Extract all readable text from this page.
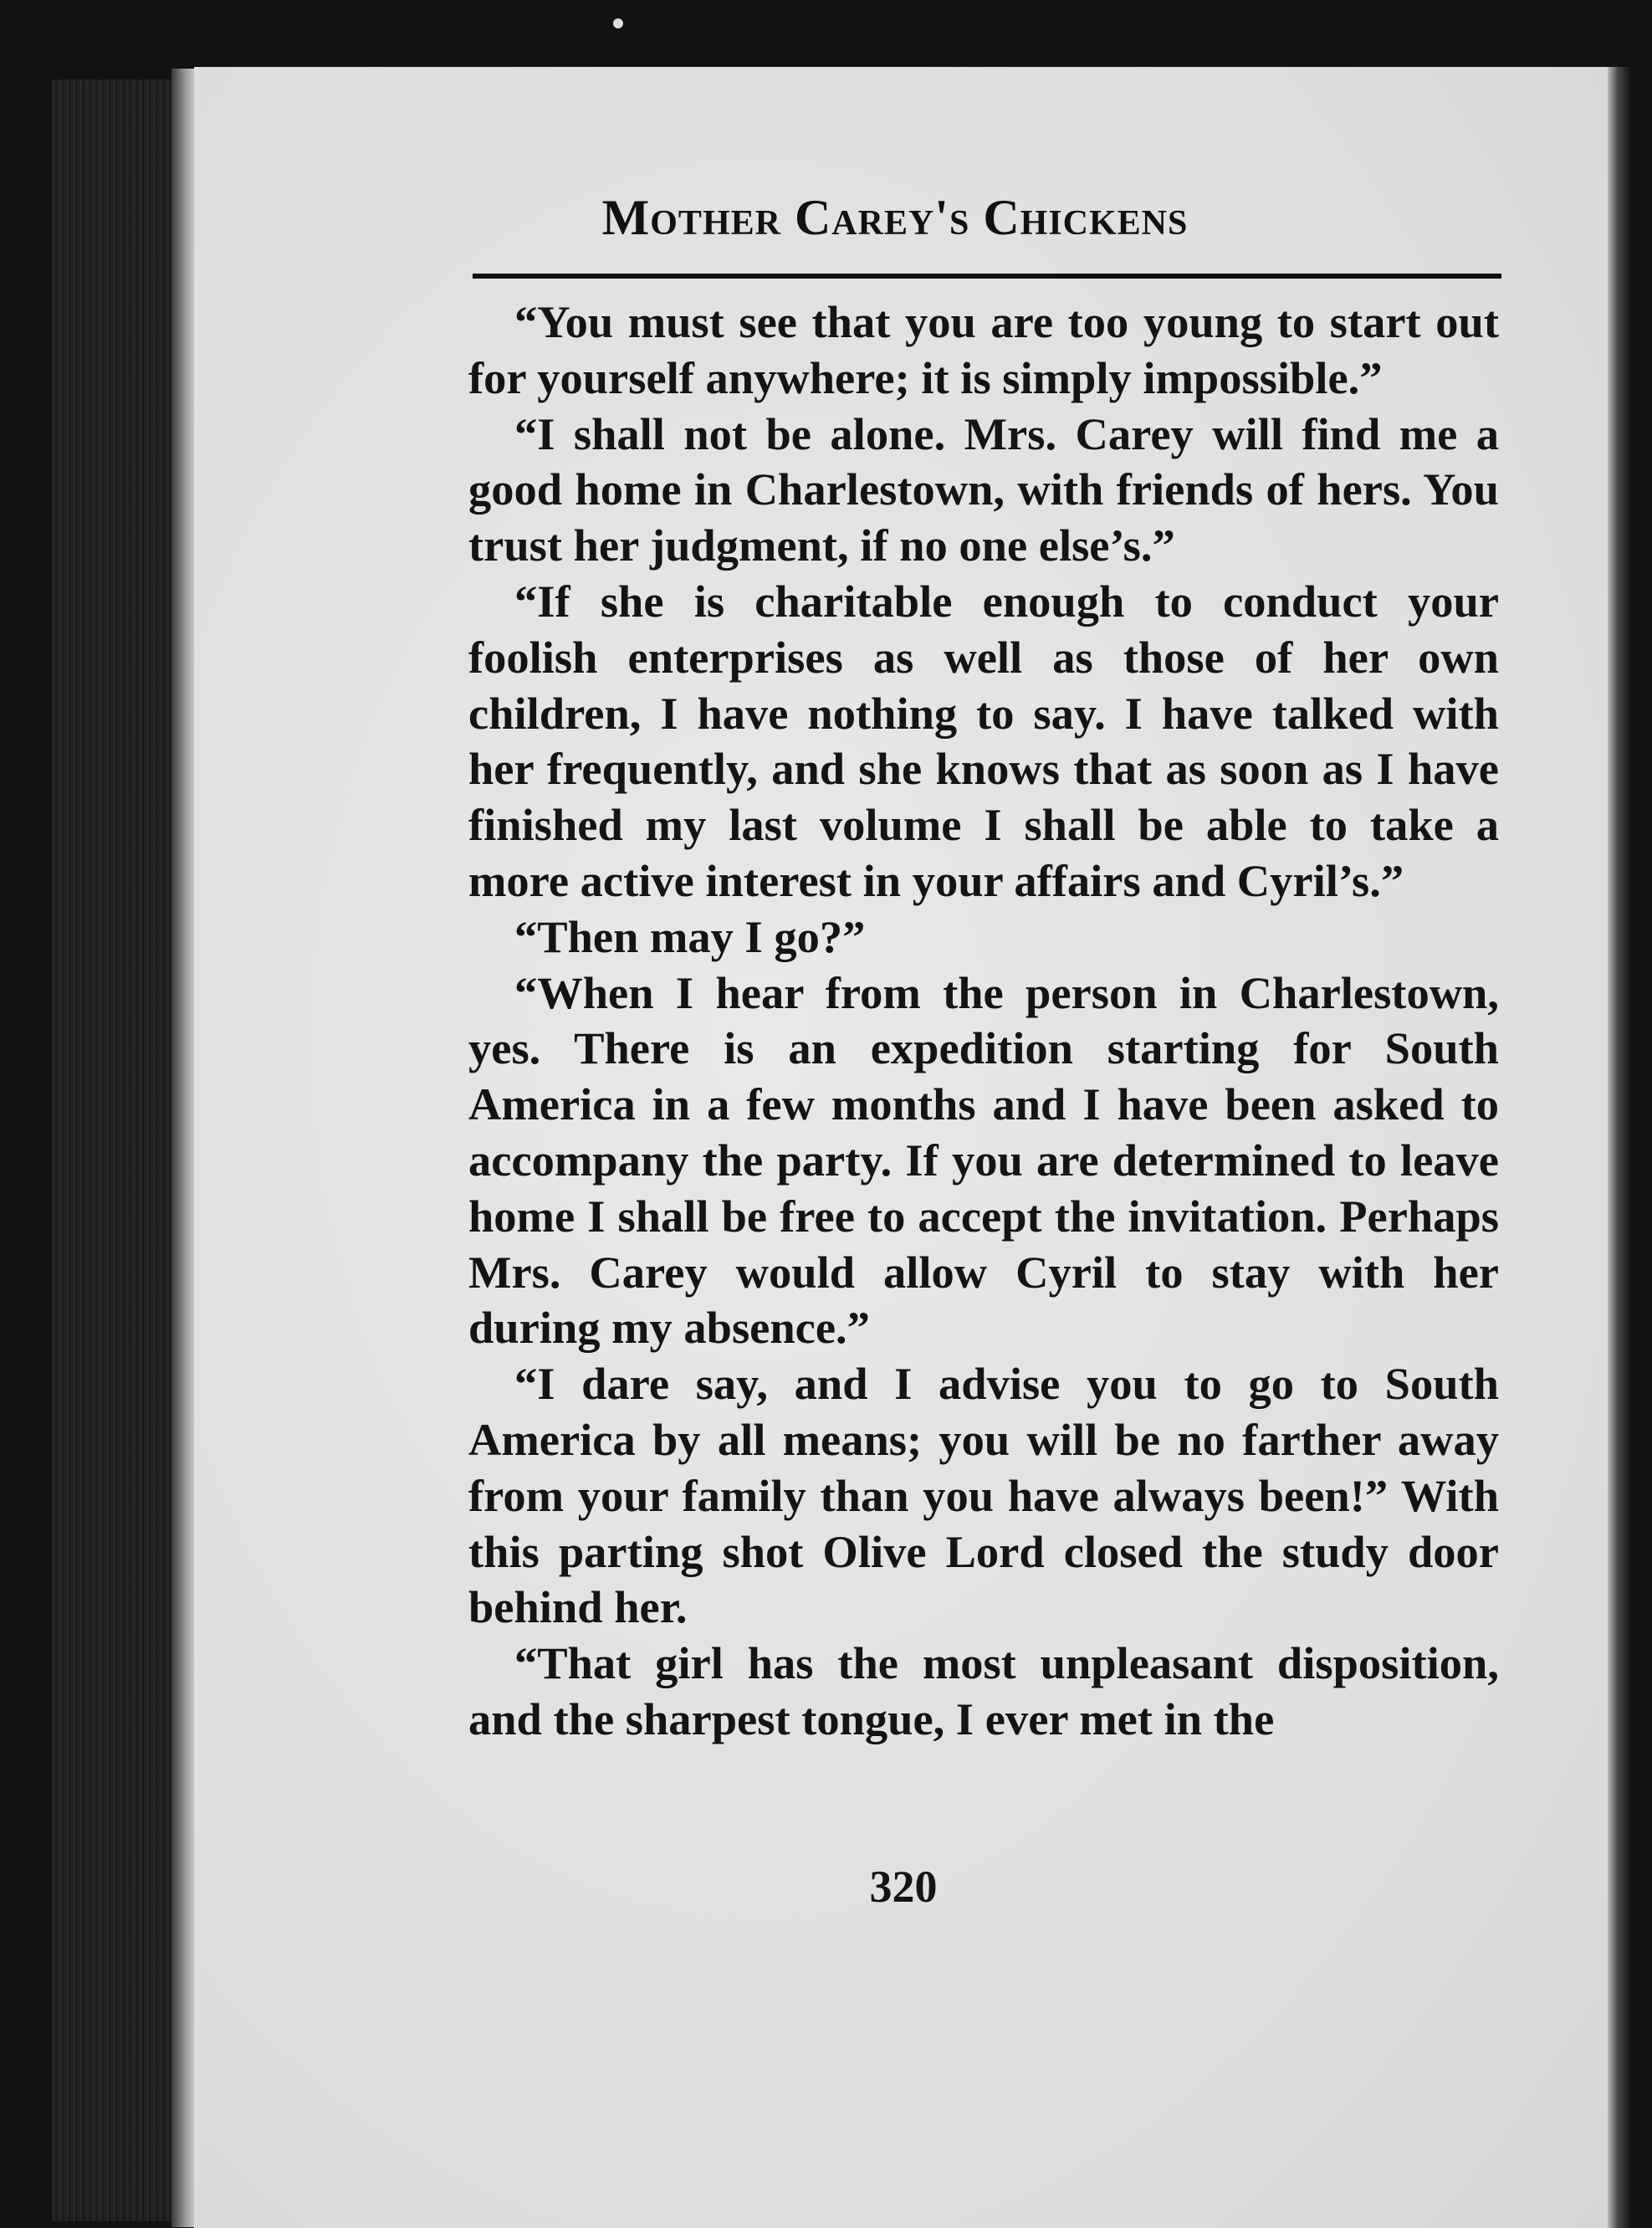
Mother Carey's Chickens

“You must see that you are too young to start out for yourself anywhere; it is simply impossible.”

“I shall not be alone. Mrs. Carey will find me a good home in Charlestown, with friends of hers. You trust her judgment, if no one else’s.”

“If she is charitable enough to conduct your foolish enterprises as well as those of her own children, I have nothing to say. I have talked with her frequently, and she knows that as soon as I have finished my last volume I shall be able to take a more active interest in your affairs and Cyril’s.”

“Then may I go?”

“When I hear from the person in Charlestown, yes. There is an expedition starting for South America in a few months and I have been asked to accompany the party. If you are determined to leave home I shall be free to accept the invitation. Perhaps Mrs. Carey would allow Cyril to stay with her during my absence.”

“I dare say, and I advise you to go to South America by all means; you will be no farther away from your family than you have always been!” With this parting shot Olive Lord closed the study door behind her.

“That girl has the most unpleasant disposition, and the sharpest tongue, I ever met in the

320
